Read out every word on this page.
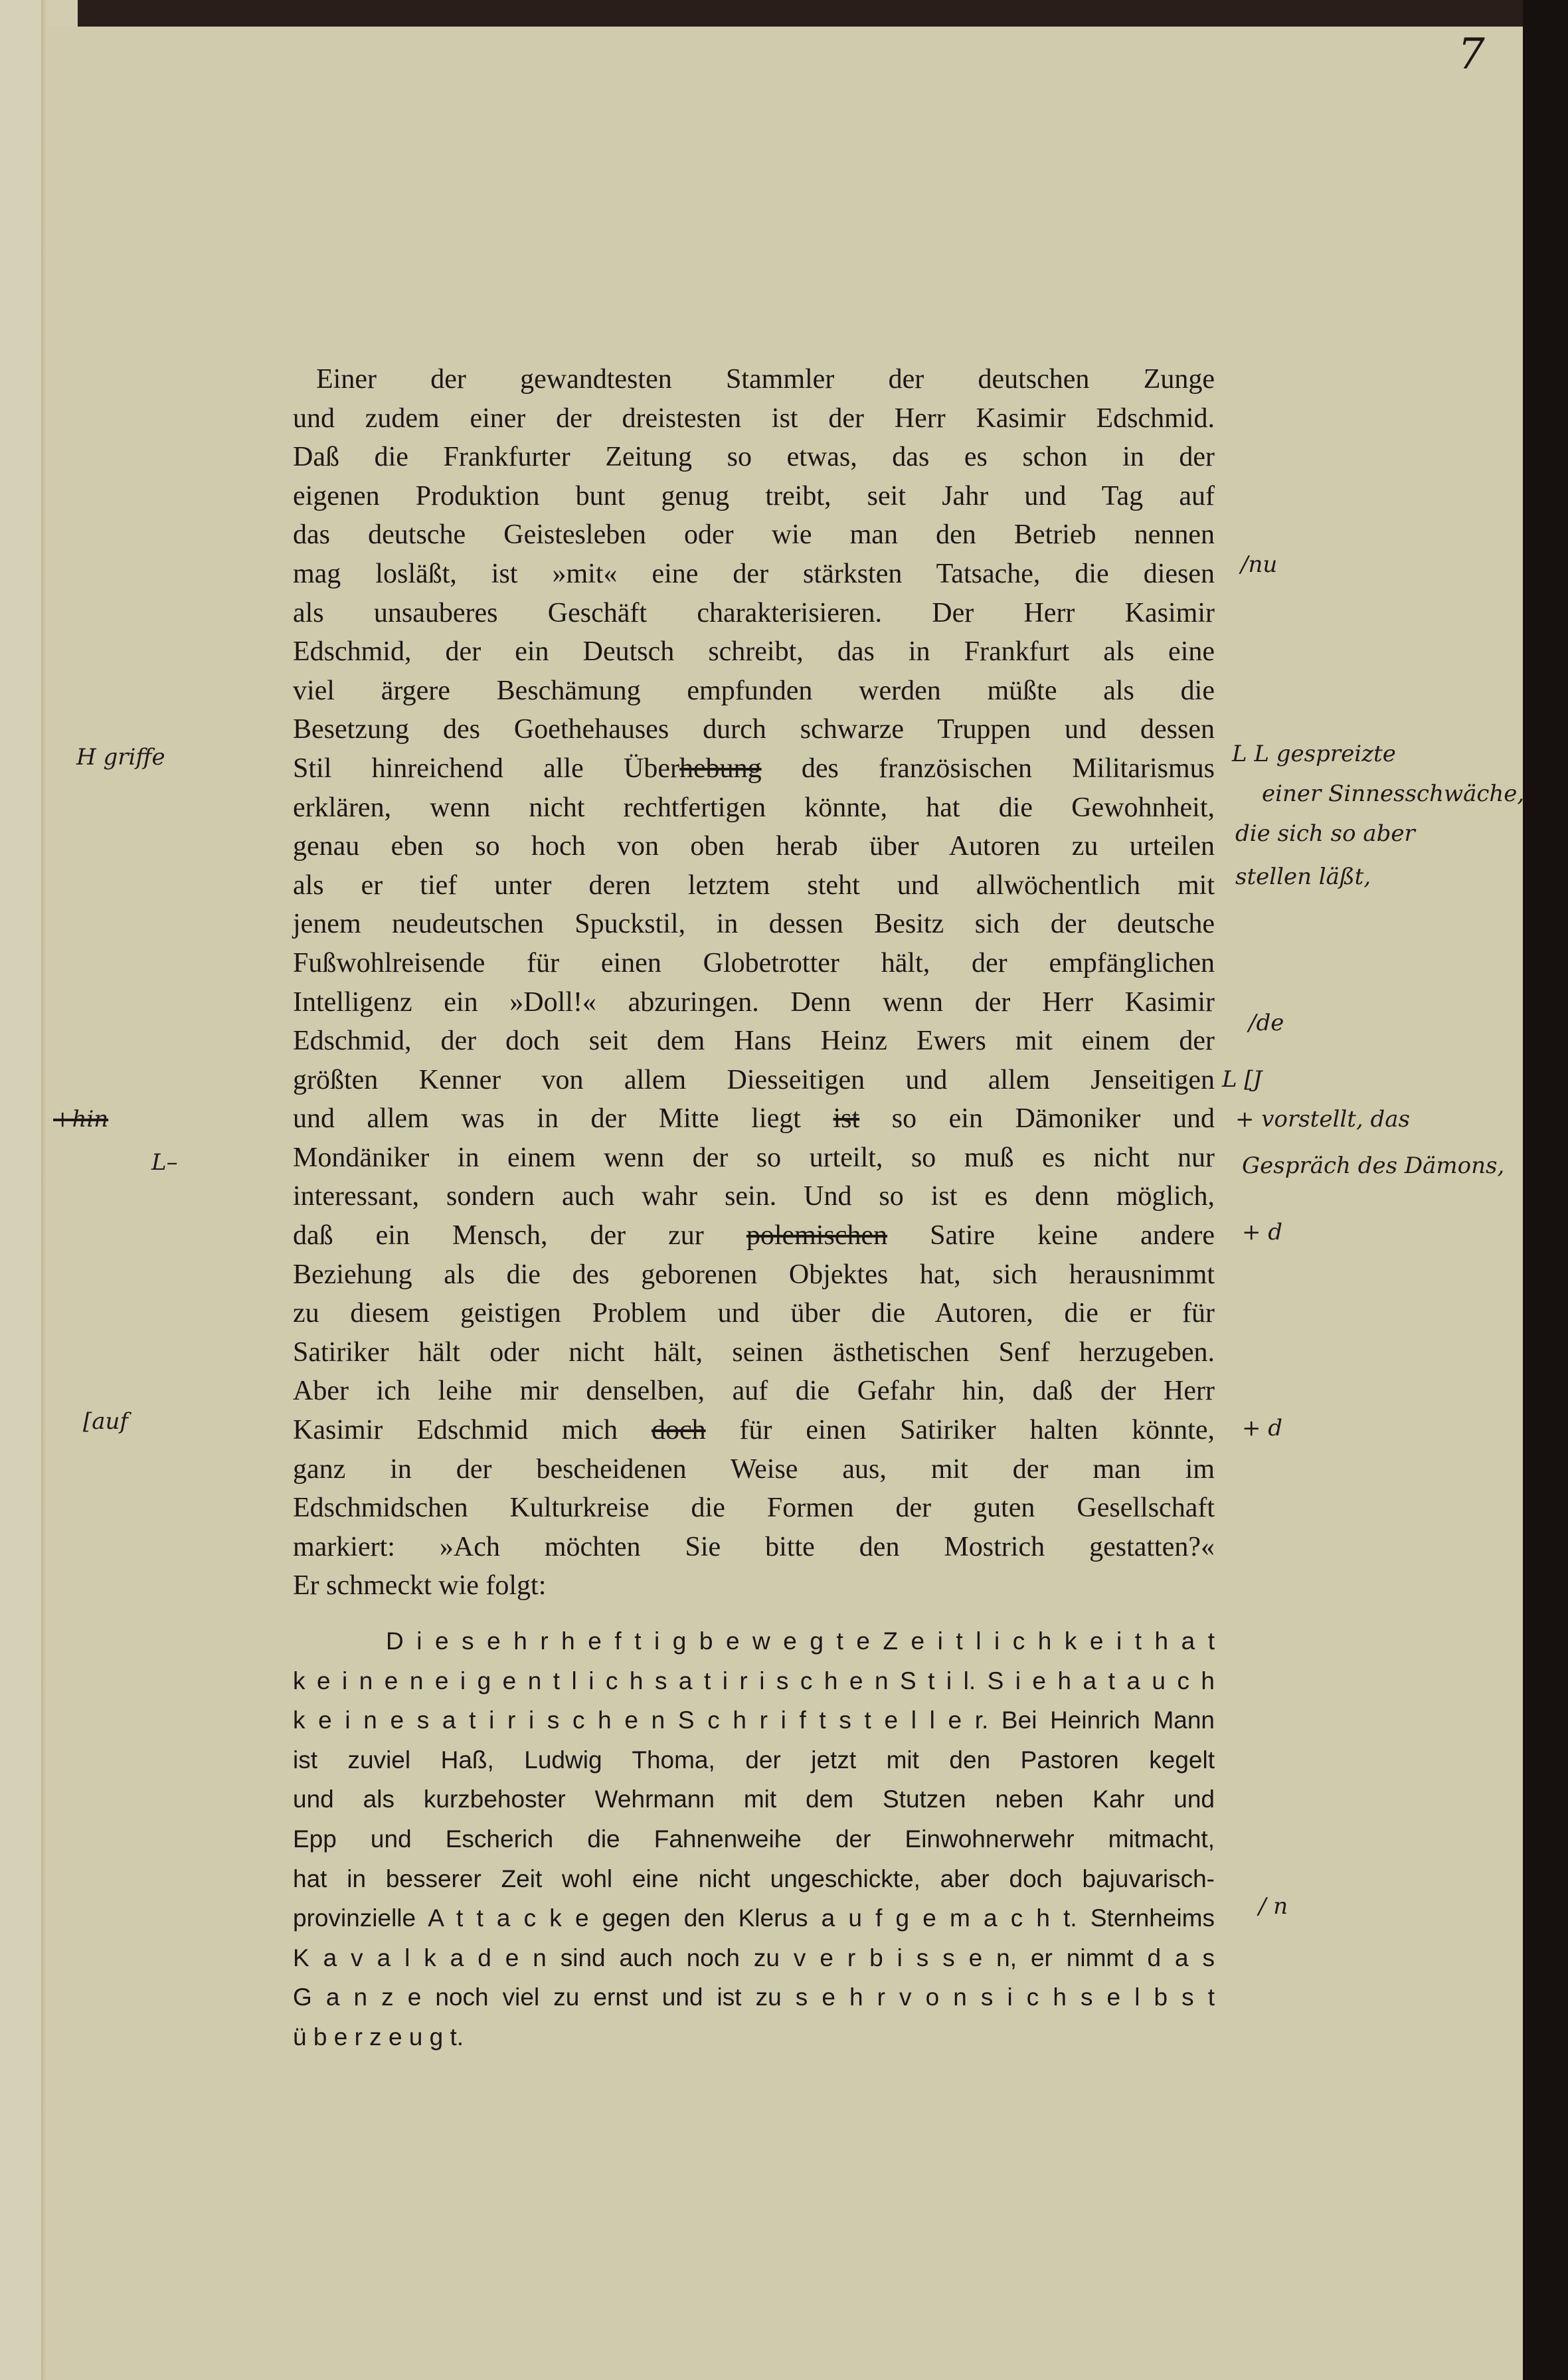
7
Einer der gewandtesten Stammler der deutschen Zunge
und zudem einer der dreistesten ist der Herr Kasimir Edschmid.
Daß die Frankfurter Zeitung so etwas, das es schon in der
eigenen Produktion bunt genug treibt, seit Jahr und Tag auf
das deutsche Geistesleben oder wie man den Betrieb nennen
mag losläßt, ist »mit« eine der stärksten Tatsache, die diesen
als unsauberes Geschäft charakterisieren. Der Herr Kasimir
Edschmid, der ein Deutsch schreibt, das in Frankfurt als eine
viel ärgere Beschämung empfunden werden müßte als die
Besetzung des Goethehauses durch schwarze Truppen und dessen
Stil hinreichend alle Überhebung des französischen Militarismus
erklären, wenn nicht rechtfertigen könnte, hat die Gewohnheit,
genau eben so hoch von oben herab über Autoren zu urteilen
als er tief unter deren letztem steht und allwöchentlich mit
jenem neudeutschen Spuckstil, in dessen Besitz sich der deutsche
Fußwohlreisende für einen Globetrotter hält, der empfänglichen
Intelligenz ein »Doll!« abzuringen. Denn wenn der Herr Kasimir
Edschmid, der doch seit dem Hans Heinz Ewers mit einem der
größten Kenner von allem Diesseitigen und allem Jenseitigen
und allem was in der Mitte liegt ist so ein Dämoniker und
Mondäniker in einem wenn der so urteilt, so muß es nicht nur
interessant, sondern auch wahr sein. Und so ist es denn möglich,
daß ein Mensch, der zur polemischen Satire keine andere
Beziehung als die des geborenen Objektes hat, sich herausnimmt
zu diesem geistigen Problem und über die Autoren, die er für
Satiriker hält oder nicht hält, seinen ästhetischen Senf herzugeben.
Aber ich leihe mir denselben, auf die Gefahr hin, daß der Herr
Kasimir Edschmid mich doch für einen Satiriker halten könnte,
ganz in der bescheidenen Weise aus, mit der man im
Edschmidschen Kulturkreise die Formen der guten Gesellschaft
markiert: »Ach möchten Sie bitte den Mostrich gestatten?«
Er schmeckt wie folgt:
D i e s e h r h e f t i g b e w e g t e Z e i t l i c h k e i t h a t
k e i n e n e i g e n t l i c h s a t i r i s c h e n S t i l. S i e h a t a u c h
k e i n e s a t i r i s c h e n S c h r i f t s t e l l e r. Bei Heinrich Mann
ist zuviel Haß, Ludwig Thoma, der jetzt mit den Pastoren kegelt
und als kurzbehoster Wehrmann mit dem Stutzen neben Kahr und
Epp und Escherich die Fahnenweihe der Einwohnerwehr mitmacht,
hat in besserer Zeit wohl eine nicht ungeschickte, aber doch bajuvarisch-
provinzielle A t t a c k e gegen den Klerus a u f g e m a c h t. Sternheims
K a v a l k a d e n sind auch noch zu v e r b i s s e n, er nimmt d a s
G a n z e noch viel zu ernst und ist zu s e h r v o n s i c h s e l b s t
ü b e r z e u g t.
/nu
H griffe	L L gespreizte
einer Sinnesschwäche,
die sich so aber
stellen läßt,
/de
L [J
+ vorstellt, das
Gespräch des Dämons,
+ d
+hin
L–
[auf	+ d
/ n
